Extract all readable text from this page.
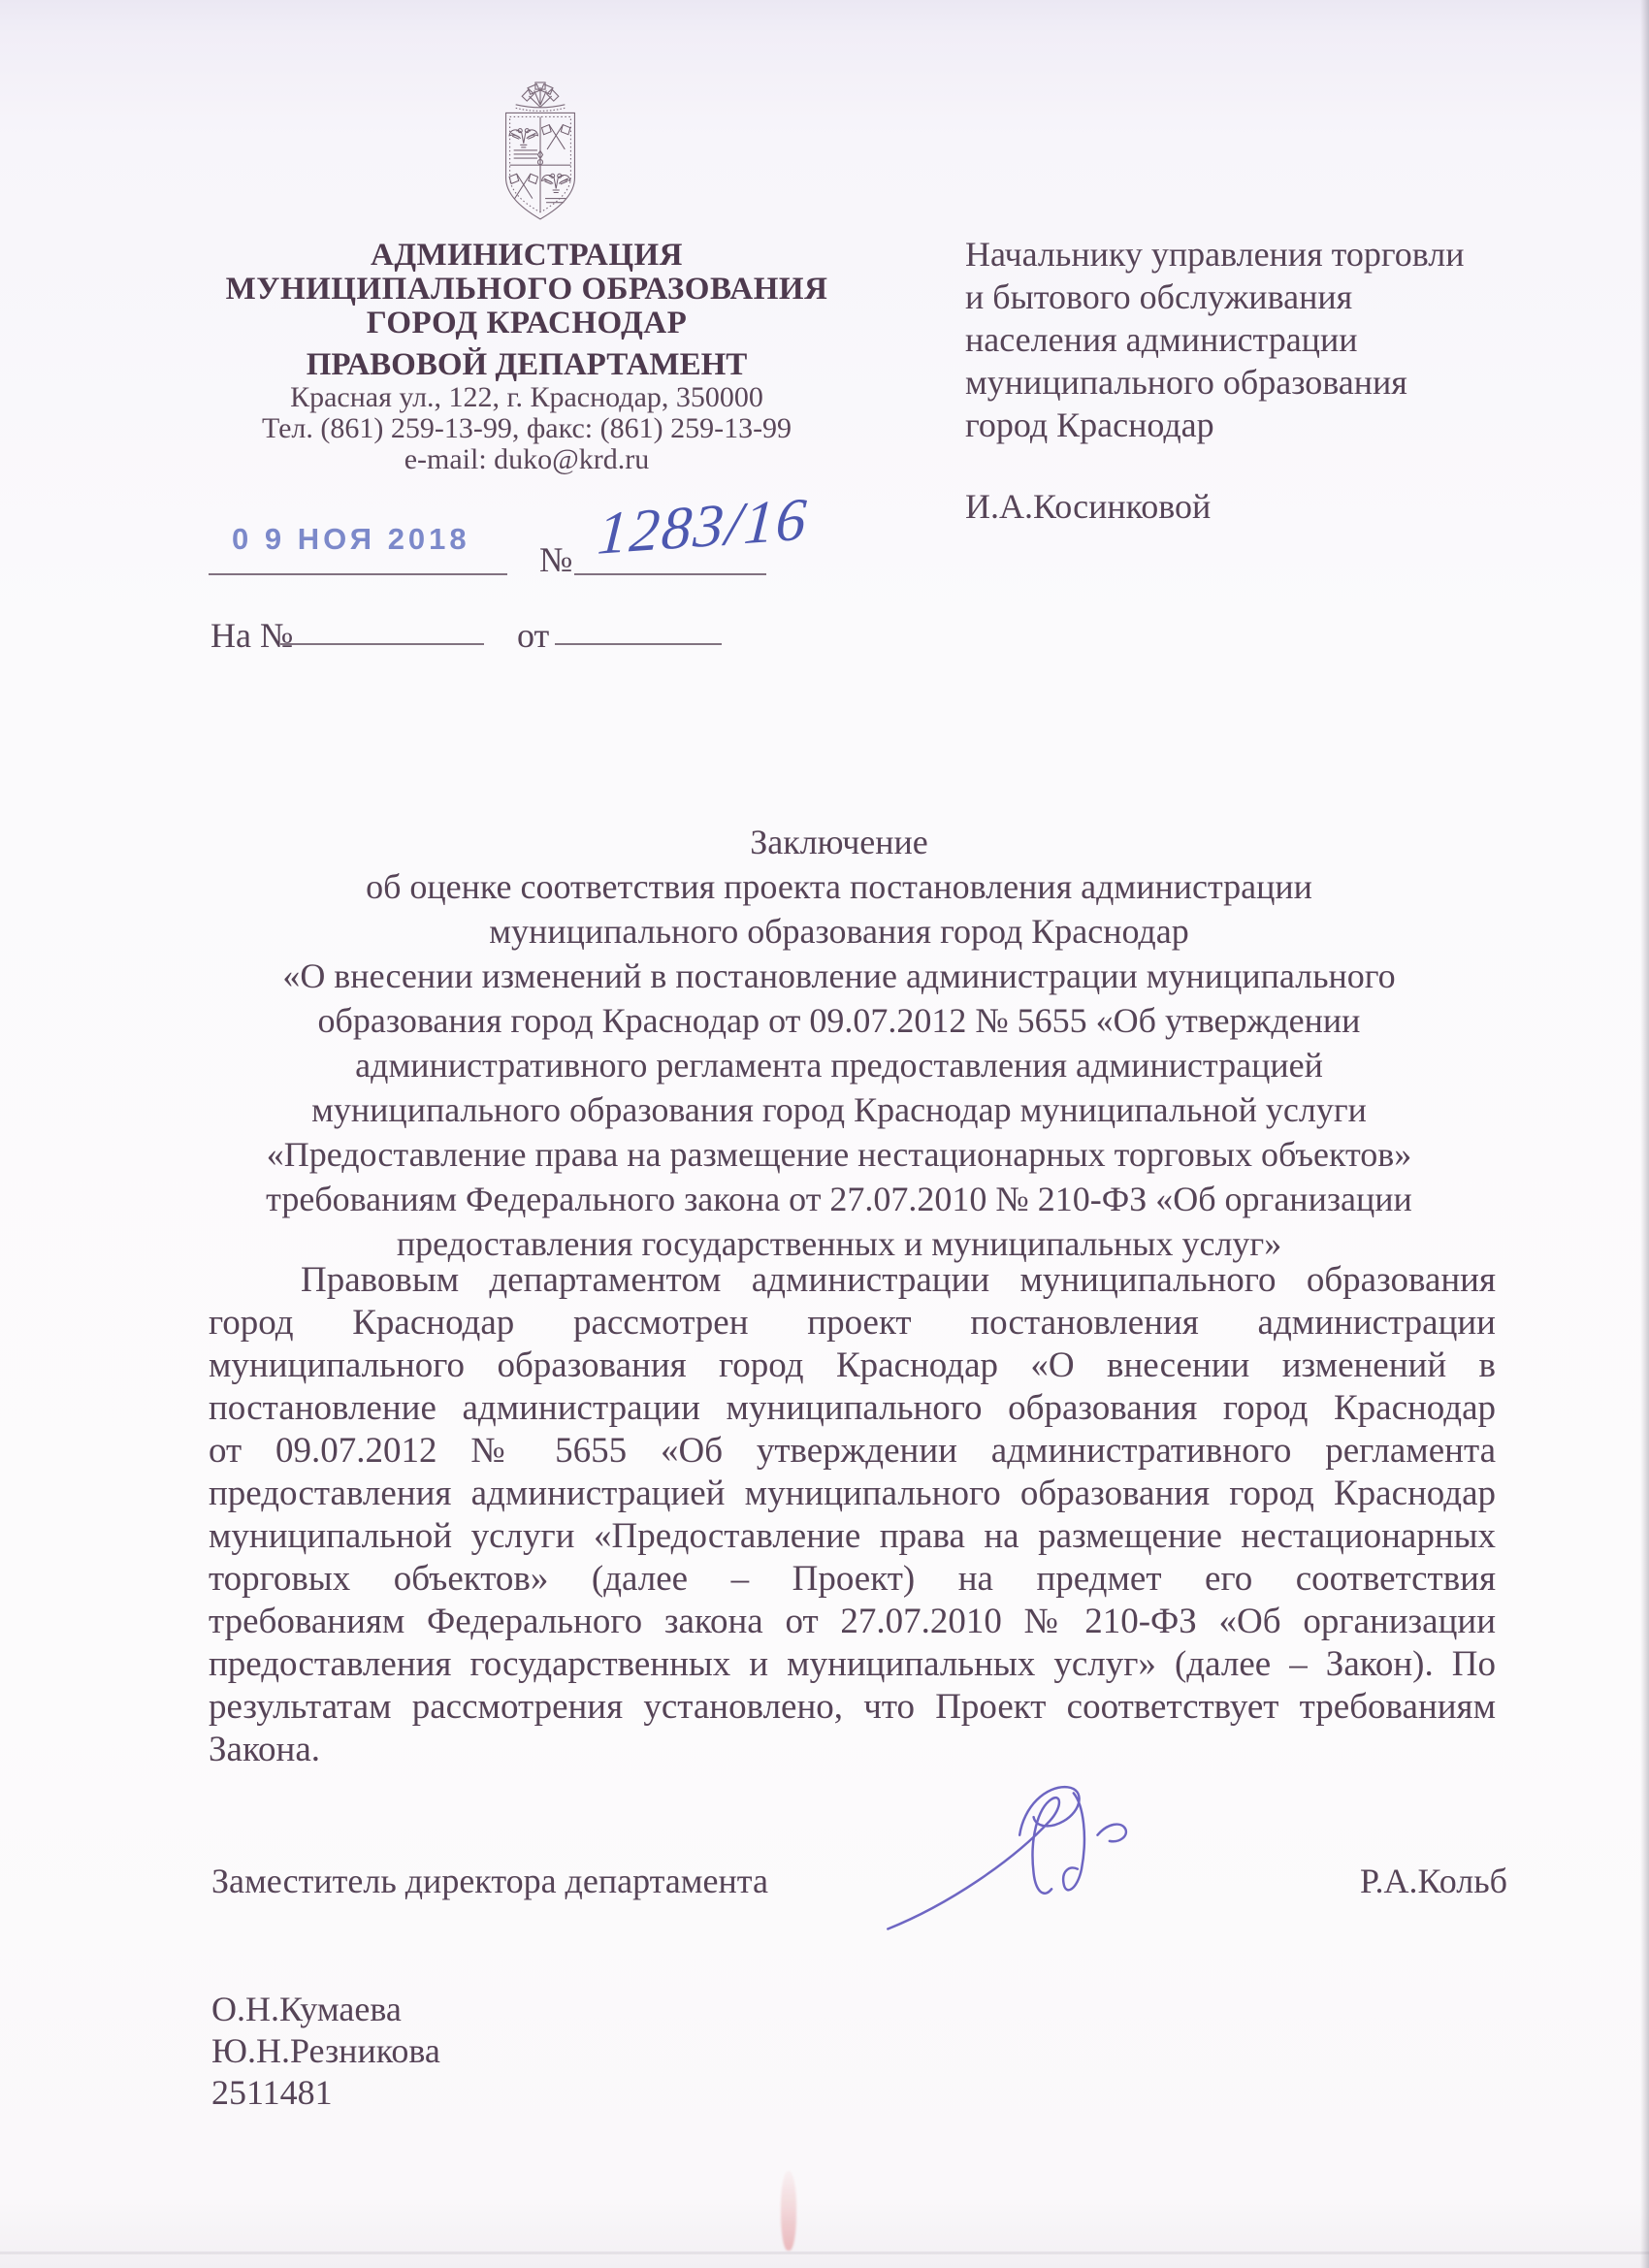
АДМИНИСТРАЦИЯ
МУНИЦИПАЛЬНОГО ОБРАЗОВАНИЯ
ГОРОД КРАСНОДАР
ПРАВОВОЙ ДЕПАРТАМЕНТ
Красная ул., 122, г. Краснодар, 350000
Тел. (861) 259-13-99, факс: (861) 259-13-99
e-mail: duko@krd.ru
0 9 НОЯ 2018
№ 1283/16
На №	от
Начальнику управления торговли
и бытового обслуживания
населения администрации
муниципального образования
город Краснодар
И.А.Косинковой
Заключение
об оценке соответствия проекта постановления администрации
муниципального образования город Краснодар
«О внесении изменений в постановление администрации муниципального
образования город Краснодар от 09.07.2012 № 5655 «Об утверждении
административного регламента предоставления администрацией
муниципального образования город Краснодар муниципальной услуги
«Предоставление права на размещение нестационарных торговых объектов»
требованиям Федерального закона от 27.07.2010 № 210-ФЗ «Об организации
предоставления государственных и муниципальных услуг»
Правовым департаментом администрации муниципального образования город Краснодар рассмотрен проект постановления администрации муниципального образования город Краснодар «О внесении изменений в постановление администрации муниципального образования город Краснодар от 09.07.2012 № 5655 «Об утверждении административного регламента предоставления администрацией муниципального образования город Краснодар муниципальной услуги «Предоставление права на размещение нестационарных торговых объектов» (далее – Проект) на предмет его соответствия требованиям Федерального закона от 27.07.2010 № 210-ФЗ «Об организации предоставления государственных и муниципальных услуг» (далее – Закон). По результатам рассмотрения установлено, что Проект соответствует требованиям Закона.
Заместитель директора департамента	Р.А.Кольб
О.Н.Кумаева
Ю.Н.Резникова
2511481
